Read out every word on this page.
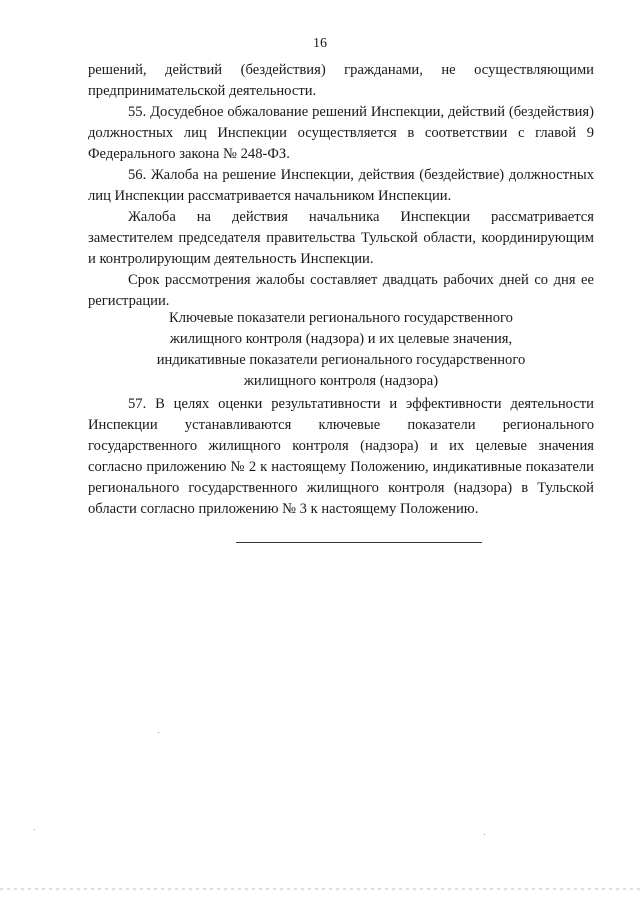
16

решений, действий (бездействия) гражданами, не осуществляющими предпринимательской деятельности.

55. Досудебное обжалование решений Инспекции, действий (бездействия) должностных лиц Инспекции осуществляется в соответствии с главой 9 Федерального закона № 248-ФЗ.

56. Жалоба на решение Инспекции, действия (бездействие) должностных лиц Инспекции рассматривается начальником Инспекции.

Жалоба на действия начальника Инспекции рассматривается заместителем председателя правительства Тульской области, координирующим и контролирующим деятельность Инспекции.

Срок рассмотрения жалобы составляет двадцать рабочих дней со дня ее регистрации.

Ключевые показатели регионального государственного
жилищного контроля (надзора) и их целевые значения,
индикативные показатели регионального государственного
жилищного контроля (надзора)

57. В целях оценки результативности и эффективности деятельности Инспекции устанавливаются ключевые показатели регионального государственного жилищного контроля (надзора) и их целевые значения согласно приложению № 2 к настоящему Положению, индикативные показатели регионального государственного жилищного контроля (надзора) в Тульской области согласно приложению № 3 к настоящему Положению.
